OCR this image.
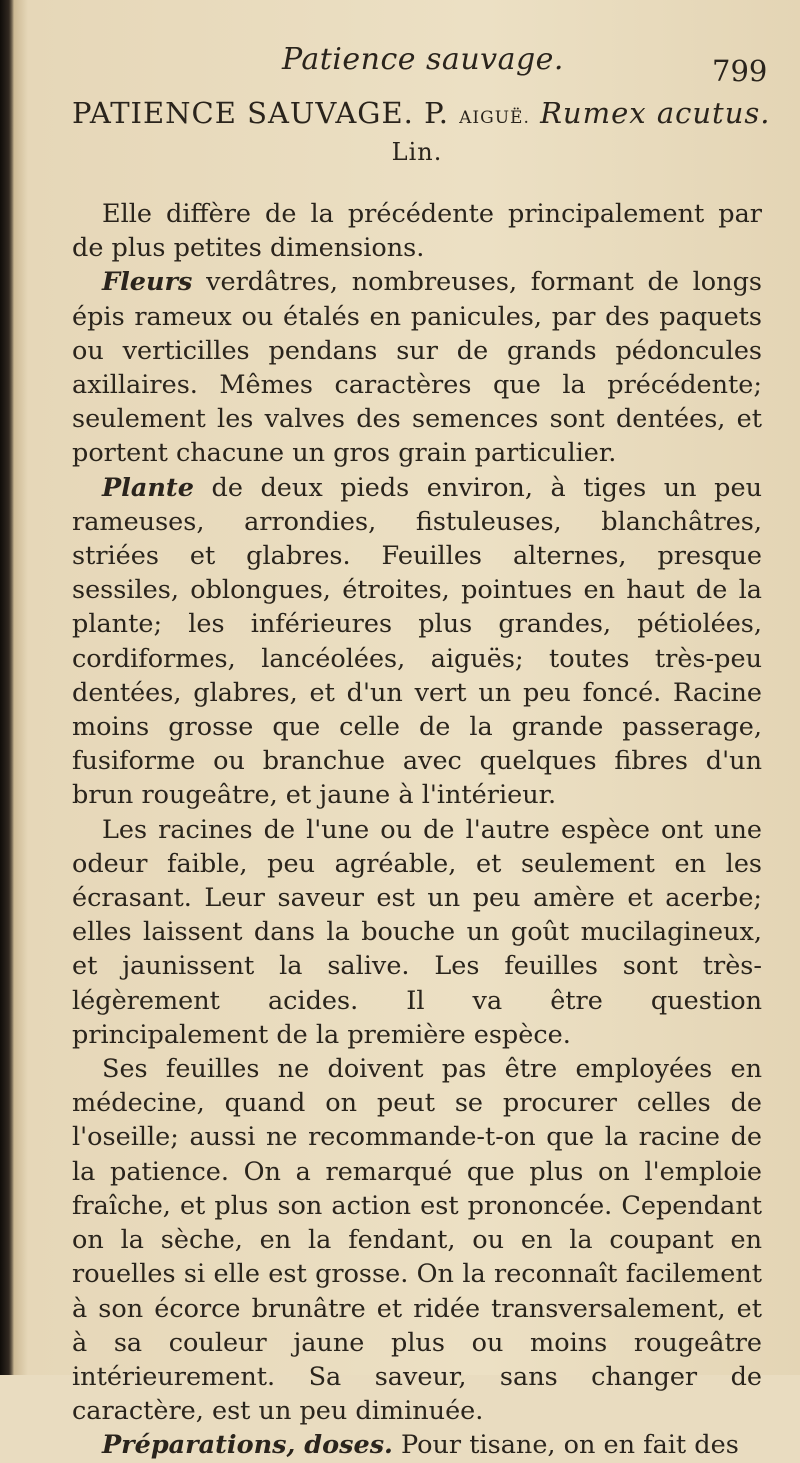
Patience sauvage.	799
PATIENCE SAUVAGE. P. AIGUË. Rumex acutus.
Lin.

Elle diffère de la précédente principalement par de plus petites dimensions.

Fleurs verdâtres, nombreuses, formant de longs épis rameux ou étalés en panicules, par des paquets ou verticilles pendans sur de grands pédoncules axillaires. Mêmes caractères que la précédente; seulement les valves des semences sont dentées, et portent chacune un gros grain particulier.

Plante de deux pieds environ, à tiges un peu rameuses, arrondies, fistuleuses, blanchâtres, striées et glabres. Feuilles alternes, presque sessiles, oblongues, étroites, pointues en haut de la plante; les inférieures plus grandes, pétiolées, cordiformes, lancéolées, aiguës; toutes très-peu dentées, glabres, et d'un vert un peu foncé. Racine moins grosse que celle de la grande passerage, fusiforme ou branchue avec quelques fibres d'un brun rougeâtre, et jaune à l'intérieur.

Les racines de l'une ou de l'autre espèce ont une odeur faible, peu agréable, et seulement en les écrasant. Leur saveur est un peu amère et acerbe; elles laissent dans la bouche un goût mucilagineux, et jaunissent la salive. Les feuilles sont très-légèrement acides. Il va être question principalement de la première espèce.

Ses feuilles ne doivent pas être employées en médecine, quand on peut se procurer celles de l'oseille; aussi ne recommande-t-on que la racine de la patience. On a remarqué que plus on l'emploie fraîche, et plus son action est prononcée. Cependant on la sèche, en la fendant, ou en la coupant en rouelles si elle est grosse. On la reconnaît facilement à son écorce brunâtre et ridée transversalement, et à sa couleur jaune plus ou moins rougeâtre intérieurement. Sa saveur, sans changer de caractère, est un peu diminuée.

Préparations, doses. Pour tisane, on en fait des
